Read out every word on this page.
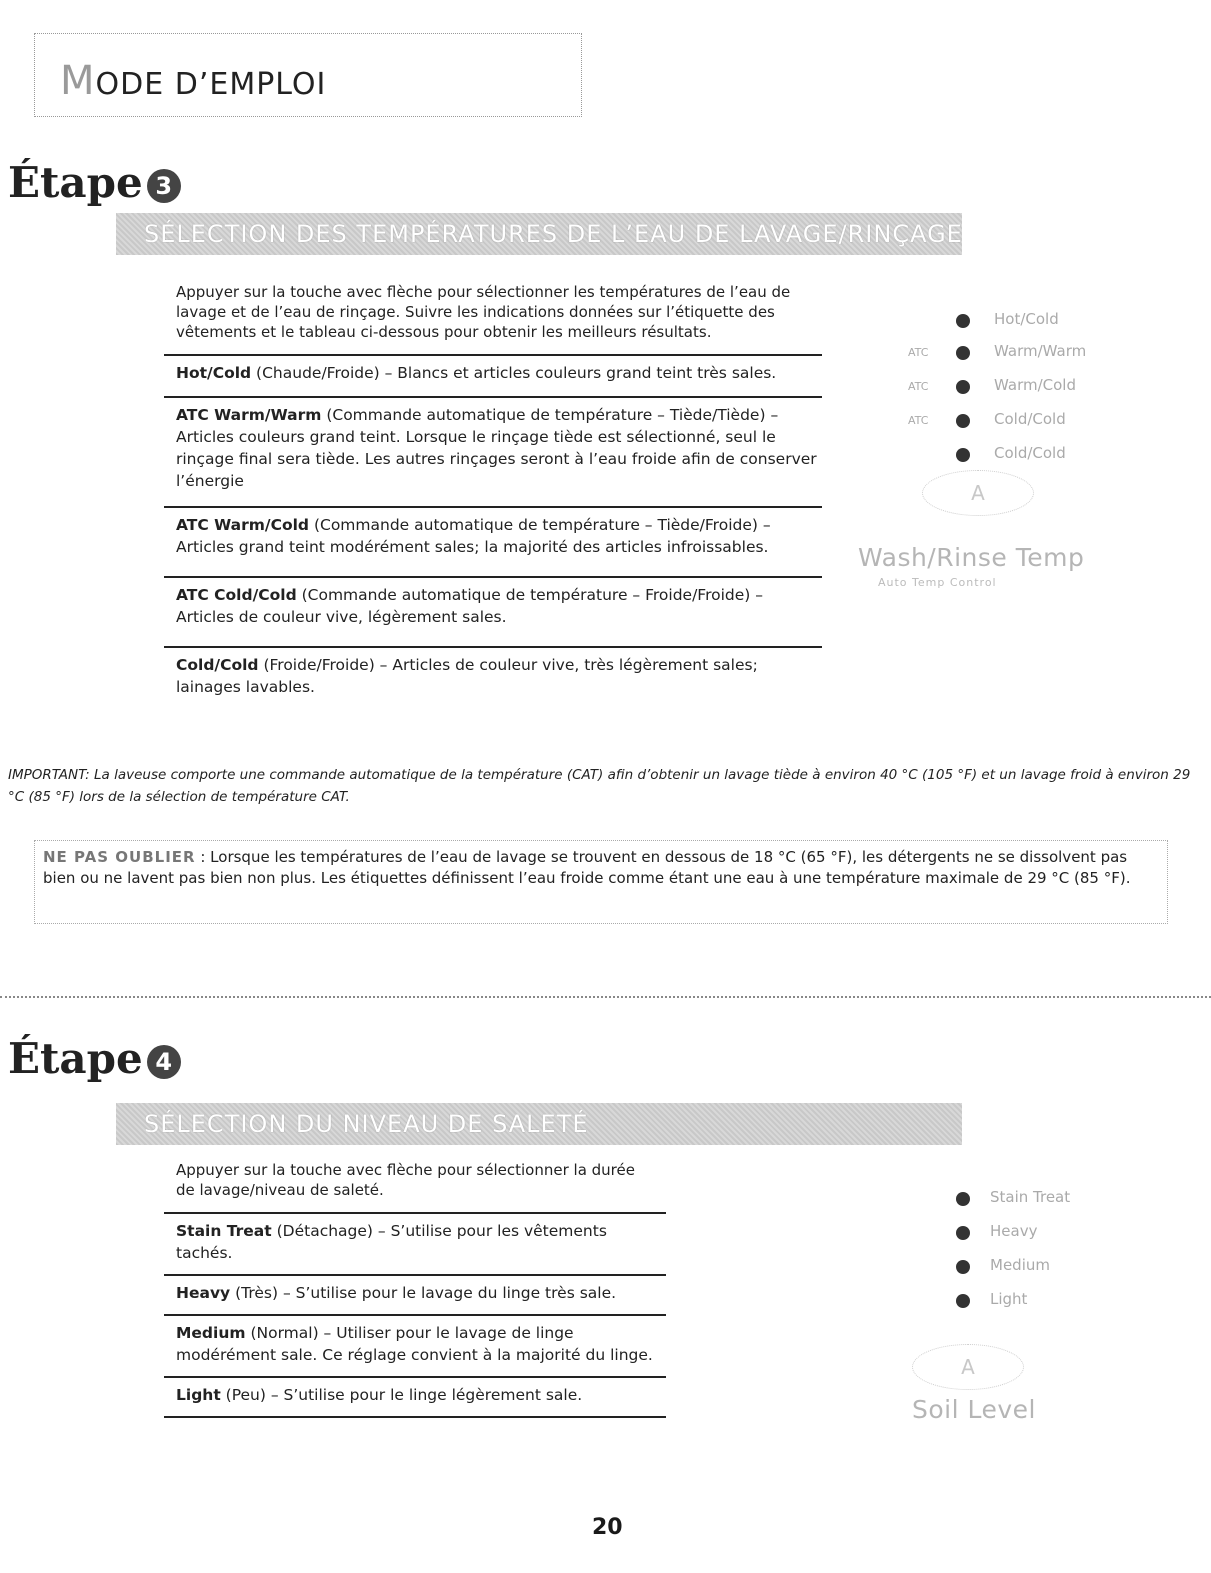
MODE D’EMPLOI
Étape 3
SÉLECTION DES TEMPÉRATURES DE L’EAU DE LAVAGE/RINÇAGE
Appuyer sur la touche avec flèche pour sélectionner les températures de l’eau de lavage et de l’eau de rinçage. Suivre les indications données sur l’étiquette des vêtements et le tableau ci-dessous pour obtenir les meilleurs résultats.
Hot/Cold (Chaude/Froide) – Blancs et articles couleurs grand teint très sales.
ATC Warm/Warm (Commande automatique de température – Tiède/Tiède) – Articles couleurs grand teint. Lorsque le rinçage tiède est sélectionné, seul le rinçage final sera tiède. Les autres rinçages seront à l’eau froide afin de conserver l’énergie
ATC Warm/Cold (Commande automatique de température – Tiède/Froide) – Articles grand teint modérément sales; la majorité des articles infroissables.
ATC Cold/Cold (Commande automatique de température – Froide/Froide) – Articles de couleur vive, légèrement sales.
Cold/Cold (Froide/Froide) – Articles de couleur vive, très légèrement sales; lainages lavables.
Hot/Cold
ATC	Warm/Warm
ATC	Warm/Cold
ATC	Cold/Cold
Cold/Cold
A
Wash/Rinse Temp
Auto Temp Control
IMPORTANT: La laveuse comporte une commande automatique de la température (CAT) afin d’obtenir un lavage tiède à environ 40 °C (105 °F) et un lavage froid à environ 29 °C (85 °F) lors de la sélection de température CAT.
NE PAS OUBLIER : Lorsque les températures de l’eau de lavage se trouvent en dessous de 18 °C (65 °F), les détergents ne se dissolvent pas bien ou ne lavent pas bien non plus. Les étiquettes définissent l’eau froide comme étant une eau à une température maximale de 29 °C (85 °F).
Étape 4
SÉLECTION DU NIVEAU DE SALETÉ
Appuyer sur la touche avec flèche pour sélectionner la durée de lavage/niveau de saleté.
Stain Treat (Détachage) – S’utilise pour les vêtements tachés.
Heavy (Très) – S’utilise pour le lavage du linge très sale.
Medium (Normal) – Utiliser pour le lavage de linge modérément sale. Ce réglage convient à la majorité du linge.
Light (Peu) – S’utilise pour le linge légèrement sale.
Stain Treat
Heavy
Medium
Light
A
Soil Level
20
